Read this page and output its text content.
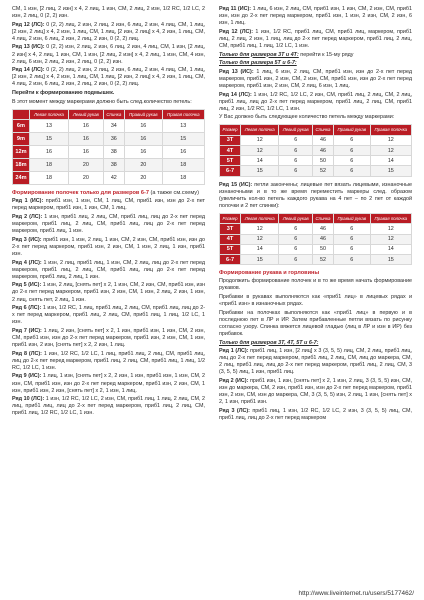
СМ, 1 изн, [2 лиц, 2 изн] x 4, 2 лиц, 1 изн, СМ, 2 лиц, 2 изн, 1/2 RC, 1/2 LC, 2 изн, 2 лиц, 0 (2, 2) изн.

Ряд 12 (ЛС): 0 (2, 2) лиц, 2 изн, 2 лиц, 2 изн, 6 лиц, 2 изн, 4 лиц, СМ, 1 лиц, [2 изн, 2 лиц] x 4, 2 изн, 1 лиц, СМ, 1 лиц, [2 изн, 2 лиц] x 4, 2 изн, 1 лиц, СМ, 4 лиц, 2 изн, 6 лиц, 2 изн, 2 лиц, 2 изн, 0 (2, 2) лиц.

Ряд 13 (ИС): 0 (2, 2) изн, 2 лиц, 2 изн, 6 лиц, 2 изн, 4 лиц, СМ, 1 изн, [2 лиц, 2 изн] x 4, 2 лиц, 1 изн, СМ, 1 изн, [2 лиц, 2 изн] x 4, 2 лиц, 1 изн, СМ, 4 изн, 2 лиц, 6 изн, 2 лиц, 2 изн, 2 лиц, 0 (2, 2) изн.

Ряд 14 (ЛС): 0 (2, 2) лиц, 2 изн, 2 лиц, 2 изн, 6 лиц, 2 изн, 4 лиц, СМ, 1 лиц, [2 изн, 2 лиц] x 4, 2 изн, 1 лиц, СМ, 1 лиц, [2 изн, 2 лиц] x 4, 2 изн, 1 лиц, СМ, 4 лиц, 2 изн, 6 лиц, 2 изн, 2 лиц, 2 изн, 0 (2, 2) лиц.

Перейти к формированию подмышек.

В этот момент между маркерами должно быть след.количество петель:

	Левая полочка	Левый рукав	Спинка	Правый рукав	Правая полочка
6m	13	16	34	16	13
9m	15	16	36	16	15
12m	16	16	38	16	16
18m	18	20	38	20	18
24m	18	20	42	20	18

Формирование полочек только для размеров 6-7 (а также см.схему)

Ряд 1 (ИС): приб1 изн, 1 изн, СМ, 1 лиц, СМ, приб1 изн, изн до 2-х пет перед маркером, приб1 изн, 1 изн, СМ, 1 лиц.

Ряд 2 (ЛС): 1 изн, приб1 лиц, 2 лиц, СМ, приб1 лиц, лиц до 2-х пет перед маркером, приб1 лиц, 2 лиц, СМ, приб1 лиц, лиц до 2-х пет перед маркером, приб1 лиц, 1 изн.

Ряд 3 (ИС): приб1 изн, 1 изн, 2 лиц, 1 изн, СМ, 2 изн, СМ, приб1 изн, изн до 2-х пет перед маркером, приб1 изн, 2 изн, СМ, 1 изн, 2 лиц, 1 изн, приб1 изн.

Ряд 4 (ЛС): 1 изн, 2 лиц, приб1 лиц, 1 изн, СМ, 2 лиц, лиц до 2-х пет перед маркером, приб1 лиц, 2 лиц, СМ, приб1 лиц, лиц до 2-х пет перед маркером, приб1 лиц, 2 лиц, 1 изн.

Ряд 5 (ИС): 1 изн, 2 лиц, [снять пет] x 2, 1 изн, СМ, 2 изн, СМ, приб1 изн, изн до 2-х пет перед маркером, приб1 изн, 2 изн, СМ, 1 изн, 2 лиц, 2 изн, 1 изн, 2 лиц, снять пет, 2 лиц, 1 изн.

Ряд 6 (ЛС): 1 изн, 1/2 RC, 1 лиц, приб1 лиц, 2 лиц, СМ, приб1 лиц, лиц до 2-х пет перед маркером, приб1 лиц, 2 лиц, СМ, приб1 лиц, 1 лиц, 1/2 LC, 1 изн.

Ряд 7 (ИС): 1 лиц, 2 изн, [снять пет] x 2, 1 изн, приб1 изн, 1 изн, СМ, 2 изн, СМ, приб1 изн, изн до 2-х пет перед маркером, приб1 изн, 2 изн, СМ, 1 изн, приб1 изн, 2 изн, [снять пет] x 2, 2 изн, 1 лиц.

Ряд 8 (ЛС): 1 изн, 1/2 RC, 1/2 LC, 1 лиц, приб1 лиц, 2 лиц, СМ, приб1 лиц, лиц до 2-х пет перед маркером, приб1 лиц, 2 лиц, СМ, приб1 лиц, 1 лиц, 1/2 RC, 1/2 LC, 1 изн.

Ряд 9 (ИС): 1 лиц, 1 изн, [снять пет] x 2, 2 изн, 1 изн, приб1 изн, 1 изн, СМ, 2 изн, СМ, приб1 изн, изн до 2-х пет перед маркером, приб1 изн, 2 изн, СМ, 1 изн, приб1 изн, 2 изн, [снять пет] x 2, 1 изн, 1 лиц.

Ряд 10 (ЛС): 1 изн, 1/2 RC, 1/2 LC, 2 изн, СМ, приб1 лиц, 1 лиц, 2 лиц, СМ, 2 лиц, приб1 лиц, лиц до 2-х пет перед маркером, приб1 лиц, 2 лиц, СМ, приб1 лиц, 1/2 RC, 1/2 LC, 1 изн.

Ряд 11 (ИС): 1 лиц, 6 изн, 2 лиц, СМ, приб1 изн, 1 изн, СМ, 2 изн, СМ, приб1 изн, изн до 2-х пет перед маркером, приб1 изн, 1 изн, 2 изн, СМ, 2 изн, 6 изн, 1 лиц.

Ряд 12 (ЛС): 1 изн, 1/2 RC, приб1 лиц, СМ, приб1 лиц, маркером, приб1 лиц, 2 лиц, 2 изн, 1 лиц, лиц до 2-х пет перед маркером, приб1 лиц, 2 лиц, СМ, приб1 лиц, 1 лиц, 1/2 LC, 1 изн.

Только для размеров 3Т и 4Т: перейти к 15-му ряду

Только для размера 5Т и 6-7:

Ряд 13 (ИС): 1 лиц, 6 изн, 2 лиц, СМ, приб1 изн, изн до 2-х пет перед маркером, приб1 изн, 2 изн, СМ, 2 изн, СМ, приб1 изн, изн до 2-х пет перед маркером, приб1 изн, 2 изн, СМ, 2 лиц, 6 изн, 1 лиц.

Ряд 14 (ЛС): 1 изн, 1/2 RC, 1/2 LC, 2 изн, СМ, приб1 лиц, 2 лиц, СМ, 2 лиц, приб1 лиц, лиц до 2-х пет перед маркером, приб1 лиц, 2 лиц, СМ, приб1 лиц, 2 изн, 1/2 RC, 1/2 LC, 1 изн.

У Вас должно быть следующее количество петель между маркерами:

Размер	Левая полочка	Левый рукав	Спинка	Правый рукав	Правая полочка
3T	12	6	46	6	12
4T	12	6	46	6	12
5T	14	6	50	6	14
6-7	15	6	52	6	15

Ряд 15 (ИС): петли закончены; лицевые пет вязать лицевыми, изнаночные изнаночными и в то же время переместить маркеры след. образом (увеличить кол-во петель каждого рукава на 4 пет – по 2 пет от каждой полочки и 2 пет спинки):

Размер	Левая полочка	Левый рукав	Спинка	Правый рукав	Правая полочка
3T	12	6	46	6	12
4T	12	6	46	6	12
5T	14	6	50	6	14
6-7	15	6	52	6	15

Формирование рукава и горловины

Продолжить формирование полочек и в то же время начать формирование рукавов.

Прибавки в рукавах выполняются как «приб1 лиц» в лицевых рядах и «приб1 изн» в изнаночных рядах.

Прибавки на полочках выполняются как «приб1 лиц» в первую и в последнюю пет в ЛР и ИР. Затем прибавленные петли вязать по рисунку согласно узору. Спинка вяжется лицевой гладью (лиц в ЛР и изн в ИР) без прибавок.

Только для размеров 3Т, 4Т, 5Т и 6-7:

Ряд 1 (ЛС): приб1 лиц, 1 изн, [2 лиц] x 3 (3, 5, 5) лиц, СМ, 2 лиц, приб1 лиц, лиц до 2-х пет перед маркером, приб1 лиц, 2 лиц, СМ, лиц до маркера, СМ, 2 лиц, приб1 лиц, лиц до 2-х пет перед маркером, приб1 лиц, 2 лиц, СМ, 3 (3, 5, 5) лиц, 1 изн, приб1 лиц.

Ряд 2 (ИС): приб1 изн, 1 изн, [снять пет] x 2, 1 изн, 2 лиц, 3 (3, 5, 5) изн, СМ, изн до маркера, СМ, 2 изн, приб1 изн, изн до 2-х пет перед маркером, приб1 изн, 2 изн, СМ, изн до маркера, СМ, 3 (3, 5, 5) изн, 2 лиц, 1 изн, [снять пет] x 2, 1 изн, приб1 изн.

Ряд 3 (ЛС): приб1 лиц, 1 изн, 1/2 RC, 1/2 LC, 2 изн, 3 (3, 5, 5) лиц, СМ, приб1 лиц, лиц до 2-х пет перед маркером

http://www.liveinternet.ru/users/5177462/
